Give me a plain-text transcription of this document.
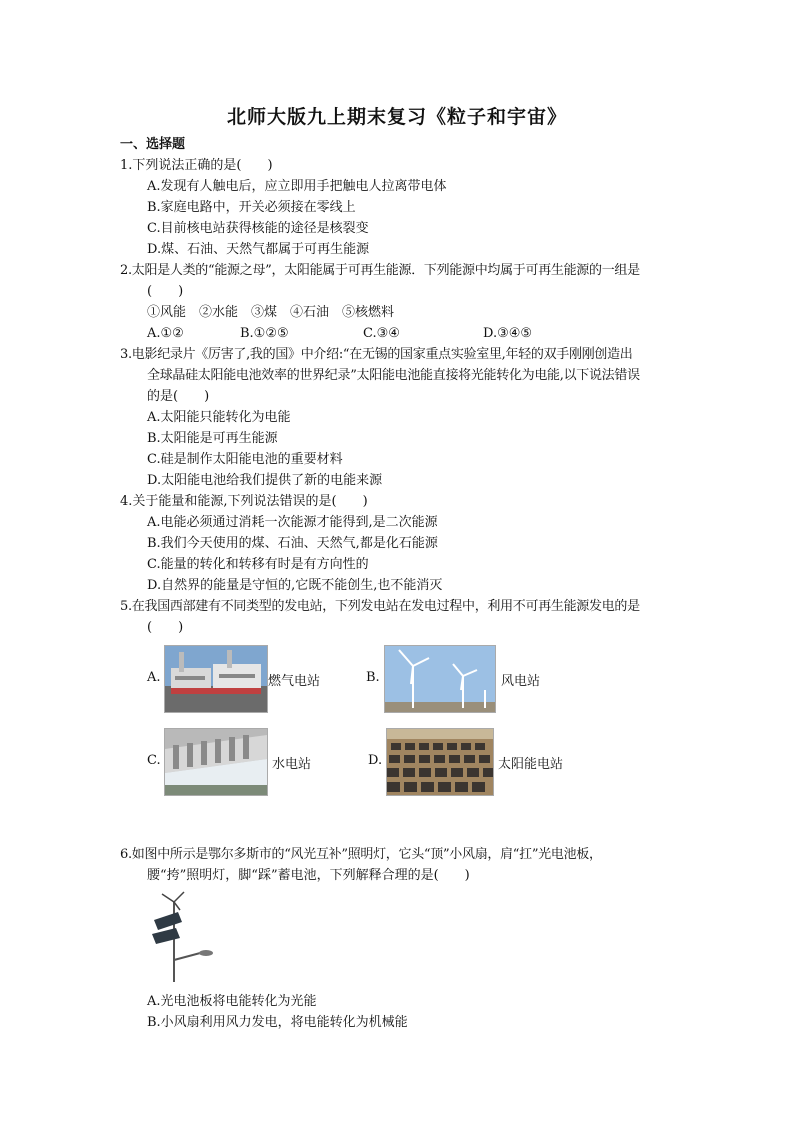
北师大版九上期末复习《粒子和宇宙》
一、选择题
1.下列说法正确的是(　　)
A.发现有人触电后，应立即用手把触电人拉离带电体
B.家庭电路中，开关必须接在零线上
C.目前核电站获得核能的途径是核裂变
D.煤、石油、天然气都属于可再生能源
2.太阳是人类的“能源之母”，太阳能属于可再生能源．下列能源中均属于可再生能源的一组是
(　　)
①风能　②水能　③煤　④石油　⑤核燃料
A.①②	B.①②⑤	C.③④	D.③④⑤
3.电影纪录片《厉害了,我的国》中介绍:“在无锡的国家重点实验室里,年轻的双手刚刚创造出
全球晶硅太阳能电池效率的世界纪录”太阳能电池能直接将光能转化为电能,以下说法错误
的是(　　)
A.太阳能只能转化为电能
B.太阳能是可再生能源
C.硅是制作太阳能电池的重要材料
D.太阳能电池给我们提供了新的电能来源
4.关于能量和能源,下列说法错误的是(　　)
A.电能必须通过消耗一次能源才能得到,是二次能源
B.我们今天使用的煤、石油、天然气,都是化石能源
C.能量的转化和转移有时是有方向性的
D.自然界的能量是守恒的,它既不能创生,也不能消灭
5.在我国西部建有不同类型的发电站，下列发电站在发电过程中，利用不可再生能源发电的是
(　　)
A.	燃气电站	B.	风电站
C.	水电站	D.	太阳能电站
6.如图中所示是鄂尔多斯市的“风光互补”照明灯，它头“顶”小风扇，肩“扛”光电池板，
腰“挎”照明灯，脚“踩”蓄电池，下列解释合理的是(　　)
A.光电池板将电能转化为光能
B.小风扇利用风力发电，将电能转化为机械能
